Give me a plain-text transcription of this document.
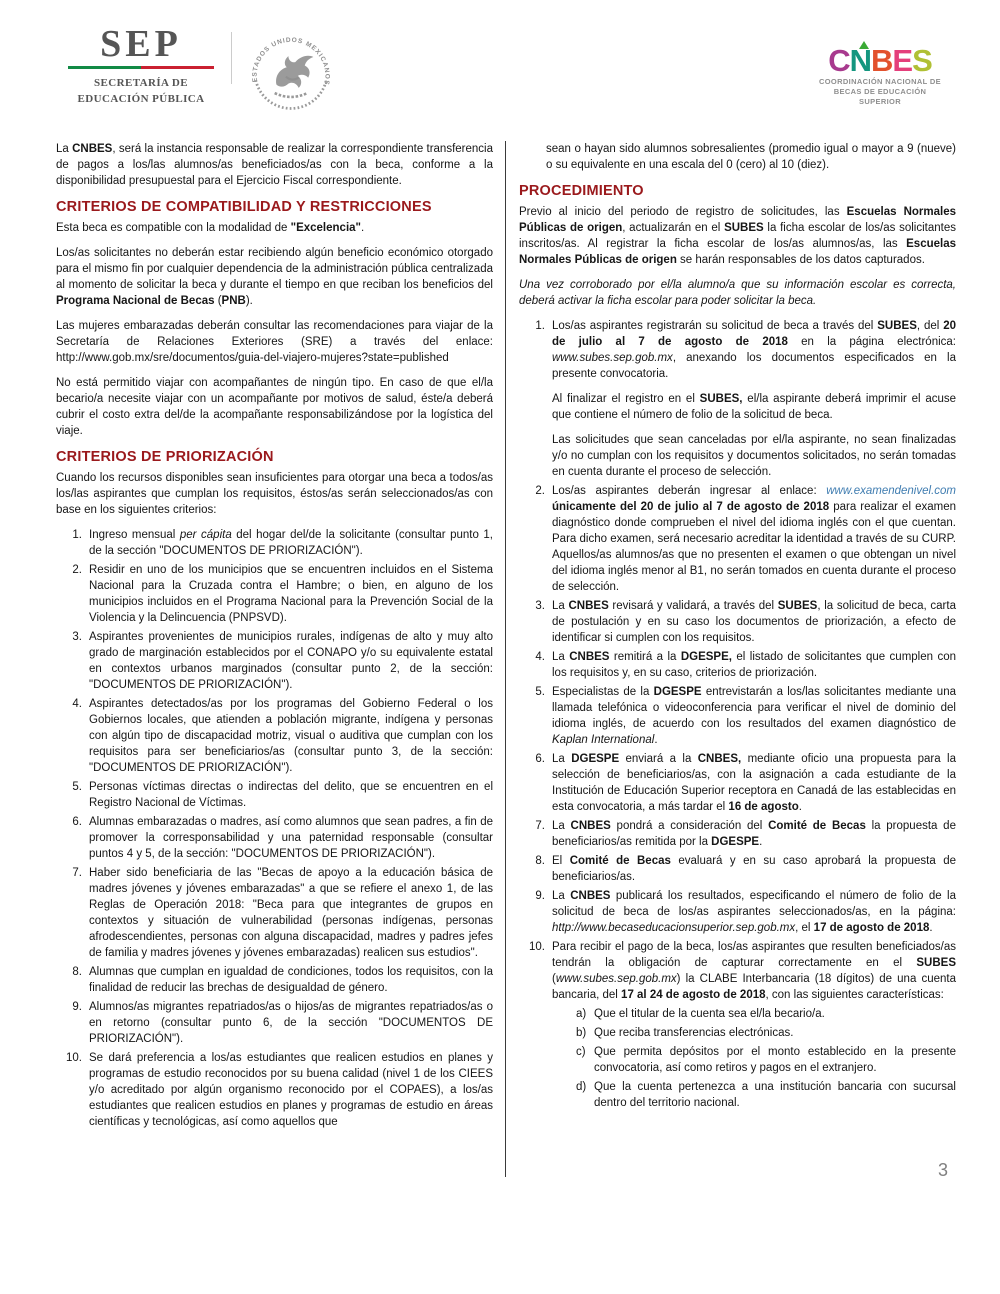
SEP
SECRETARÍA DE
EDUCACIÓN PÚBLICA
ESTADOS UNIDOS MEXICANOS
CNBES
COORDINACIÓN NACIONAL DE
BECAS DE EDUCACIÓN SUPERIOR

La CNBES, será la instancia responsable de realizar la correspondiente transferencia de pagos a los/las alumnos/as beneficiados/as con la beca, conforme a la disponibilidad presupuestal para el Ejercicio Fiscal correspondiente.

CRITERIOS DE COMPATIBILIDAD Y RESTRICCIONES

Esta beca es compatible con la modalidad de "Excelencia".

Los/as solicitantes no deberán estar recibiendo algún beneficio económico otorgado para el mismo fin por cualquier dependencia de la administración pública centralizada al momento de solicitar la beca y durante el tiempo en que reciban los beneficios del Programa Nacional de Becas (PNB).

Las mujeres embarazadas deberán consultar las recomendaciones para viajar de la Secretaría de Relaciones Exteriores (SRE) a través del enlace: http://www.gob.mx/sre/documentos/guia-del-viajero-mujeres?state=published

No está permitido viajar con acompañantes de ningún tipo. En caso de que el/la becario/a necesite viajar con un acompañante por motivos de salud, éste/a deberá cubrir el costo extra del/de la acompañante responsabilizándose por la logística del viaje.

CRITERIOS DE PRIORIZACIÓN

Cuando los recursos disponibles sean insuficientes para otorgar una beca a todos/as los/las aspirantes que cumplan los requisitos, éstos/as serán seleccionados/as con base en los siguientes criterios:

1. Ingreso mensual per cápita del hogar del/de la solicitante (consultar punto 1, de la sección "DOCUMENTOS DE PRIORIZACIÓN").
2. Residir en uno de los municipios que se encuentren incluidos en el Sistema Nacional para la Cruzada contra el Hambre; o bien, en alguno de los municipios incluidos en el Programa Nacional para la Prevención Social de la Violencia y la Delincuencia (PNPSVD).
3. Aspirantes provenientes de municipios rurales, indígenas de alto y muy alto grado de marginación establecidos por el CONAPO y/o su equivalente estatal en contextos urbanos marginados (consultar punto 2, de la sección: "DOCUMENTOS DE PRIORIZACIÓN").
4. Aspirantes detectados/as por los programas del Gobierno Federal o los Gobiernos locales, que atienden a población migrante, indígena y personas con algún tipo de discapacidad motriz, visual o auditiva que cumplan con los requisitos para ser beneficiarios/as (consultar punto 3, de la sección: "DOCUMENTOS DE PRIORIZACIÓN").
5. Personas víctimas directas o indirectas del delito, que se encuentren en el Registro Nacional de Víctimas.
6. Alumnas embarazadas o madres, así como alumnos que sean padres, a fin de promover la corresponsabilidad y una paternidad responsable (consultar puntos 4 y 5, de la sección: "DOCUMENTOS DE PRIORIZACIÓN").
7. Haber sido beneficiaria de las "Becas de apoyo a la educación básica de madres jóvenes y jóvenes embarazadas" a que se refiere el anexo 1, de las Reglas de Operación 2018: "Beca para que integrantes de grupos en contextos y situación de vulnerabilidad (personas indígenas, personas afrodescendientes, personas con alguna discapacidad, madres y padres jefes de familia y madres jóvenes y jóvenes embarazadas) realicen sus estudios".
8. Alumnas que cumplan en igualdad de condiciones, todos los requisitos, con la finalidad de reducir las brechas de desigualdad de género.
9. Alumnos/as migrantes repatriados/as o hijos/as de migrantes repatriados/as o en retorno (consultar punto 6, de la sección "DOCUMENTOS DE PRIORIZACIÓN").
10. Se dará preferencia a los/as estudiantes que realicen estudios en planes y programas de estudio reconocidos por su buena calidad (nivel 1 de los CIEES y/o acreditado por algún organismo reconocido por el COPAES), a los/as estudiantes que realicen estudios en planes y programas de estudio en áreas científicas y tecnológicas, así como aquellos que
sean o hayan sido alumnos sobresalientes (promedio igual o mayor a 9 (nueve) o su equivalente en una escala del 0 (cero) al 10 (diez).
PROCEDIMIENTO

Previo al inicio del periodo de registro de solicitudes, las Escuelas Normales Públicas de origen, actualizarán en el SUBES la ficha escolar de los/as solicitantes inscritos/as. Al registrar la ficha escolar de los/as alumnos/as, las Escuelas Normales Públicas de origen se harán responsables de los datos capturados.

Una vez corroborado por el/la alumno/a que su información escolar es correcta, deberá activar la ficha escolar para poder solicitar la beca.

1. Los/as aspirantes registrarán su solicitud de beca a través del SUBES, del 20 de julio al 7 de agosto de 2018 en la página electrónica: www.subes.sep.gob.mx, anexando los documentos especificados en la presente convocatoria.
Al finalizar el registro en el SUBES, el/la aspirante deberá imprimir el acuse que contiene el número de folio de la solicitud de beca.
Las solicitudes que sean canceladas por el/la aspirante, no sean finalizadas y/o no cumplan con los requisitos y documentos solicitados, no serán tomadas en cuenta durante el proceso de selección.
2. Los/as aspirantes deberán ingresar al enlace: www.examendenivel.com únicamente del 20 de julio al 7 de agosto de 2018 para realizar el examen diagnóstico donde comprueben el nivel del idioma inglés con el que cuentan. Para dicho examen, será necesario acreditar la identidad a través de su CURP. Aquellos/as alumnos/as que no presenten el examen o que obtengan un nivel del idioma inglés menor al B1, no serán tomados en cuenta durante el proceso de selección.
3. La CNBES revisará y validará, a través del SUBES, la solicitud de beca, carta de postulación y en su caso los documentos de priorización, a efecto de identificar si cumplen con los requisitos.
4. La CNBES remitirá a la DGESPE, el listado de solicitantes que cumplen con los requisitos y, en su caso, criterios de priorización.
5. Especialistas de la DGESPE entrevistarán a los/las solicitantes mediante una llamada telefónica o videoconferencia para verificar el nivel de dominio del idioma inglés, de acuerdo con los resultados del examen diagnóstico de Kaplan International.
6. La DGESPE enviará a la CNBES, mediante oficio una propuesta para la selección de beneficiarios/as, con la asignación a cada estudiante de la Institución de Educación Superior receptora en Canadá de las establecidas en esta convocatoria, a más tardar el 16 de agosto.
7. La CNBES pondrá a consideración del Comité de Becas la propuesta de beneficiarios/as remitida por la DGESPE.
8. El Comité de Becas evaluará y en su caso aprobará la propuesta de beneficiarios/as.
9. La CNBES publicará los resultados, especificando el número de folio de la solicitud de beca de los/as aspirantes seleccionados/as, en la página: http://www.becaseducacionsuperior.sep.gob.mx, el 17 de agosto de 2018.
10. Para recibir el pago de la beca, los/as aspirantes que resulten beneficiados/as tendrán la obligación de capturar correctamente en el SUBES (www.subes.sep.gob.mx) la CLABE Interbancaria (18 dígitos) de una cuenta bancaria, del 17 al 24 de agosto de 2018, con las siguientes características:
a) Que el titular de la cuenta sea el/la becario/a.
b) Que reciba transferencias electrónicas.
c) Que permita depósitos por el monto establecido en la presente convocatoria, así como retiros y pagos en el extranjero.
d) Que la cuenta pertenezca a una institución bancaria con sucursal dentro del territorio nacional.
3
